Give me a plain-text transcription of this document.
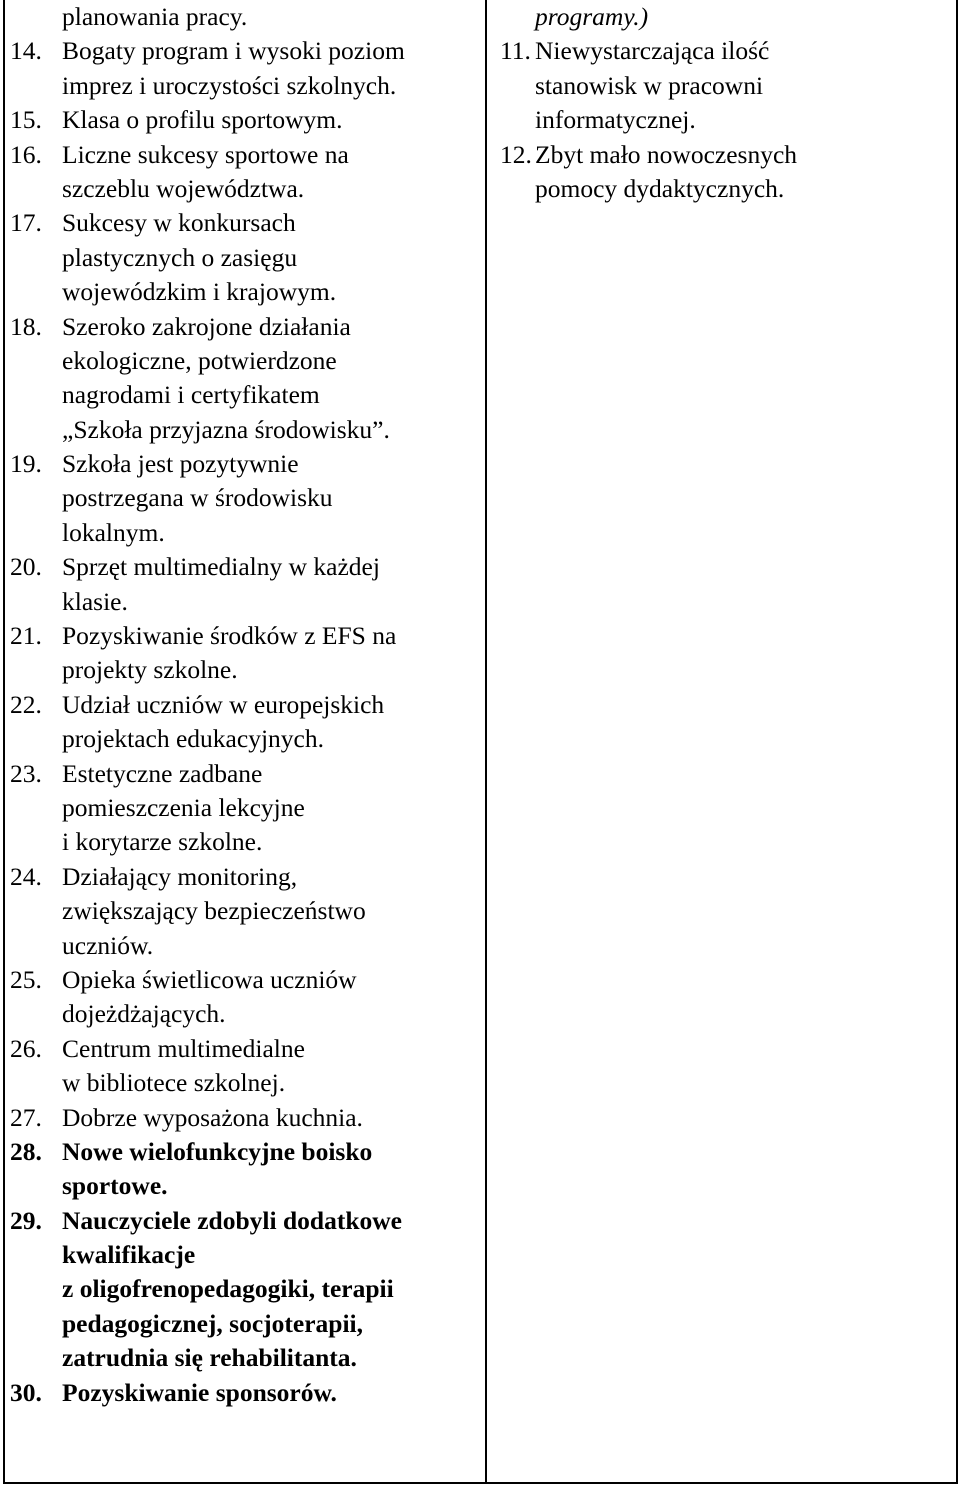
planowania pracy.
14. Bogaty program i wysoki poziom
imprez i uroczystości szkolnych.
15. Klasa o profilu sportowym.
16. Liczne sukcesy sportowe na
szczeblu województwa.
17. Sukcesy w konkursach
plastycznych o zasięgu
wojewódzkim i krajowym.
18. Szeroko zakrojone działania
ekologiczne, potwierdzone
nagrodami i certyfikatem
„Szkoła przyjazna środowisku”.
19. Szkoła jest pozytywnie
postrzegana w środowisku
lokalnym.
20. Sprzęt multimedialny w każdej
klasie.
21. Pozyskiwanie środków z EFS na
projekty szkolne.
22. Udział uczniów w europejskich
projektach edukacyjnych.
23. Estetyczne zadbane
pomieszczenia lekcyjne
i korytarze szkolne.
24. Działający monitoring,
zwiększający bezpieczeństwo
uczniów.
25. Opieka świetlicowa uczniów
dojeżdżających.
26. Centrum multimedialne
w bibliotece szkolnej.
27. Dobrze wyposażona kuchnia.
28. Nowe wielofunkcyjne boisko
sportowe.
29. Nauczyciele zdobyli dodatkowe
kwalifikacje
z oligofrenopedagogiki, terapii
pedagogicznej, socjoterapii,
zatrudnia się rehabilitanta.
30. Pozyskiwanie sponsorów.
programy.)
11. Niewystarczająca ilość
stanowisk w pracowni
informatycznej.
12. Zbyt mało nowoczesnych
pomocy dydaktycznych.
